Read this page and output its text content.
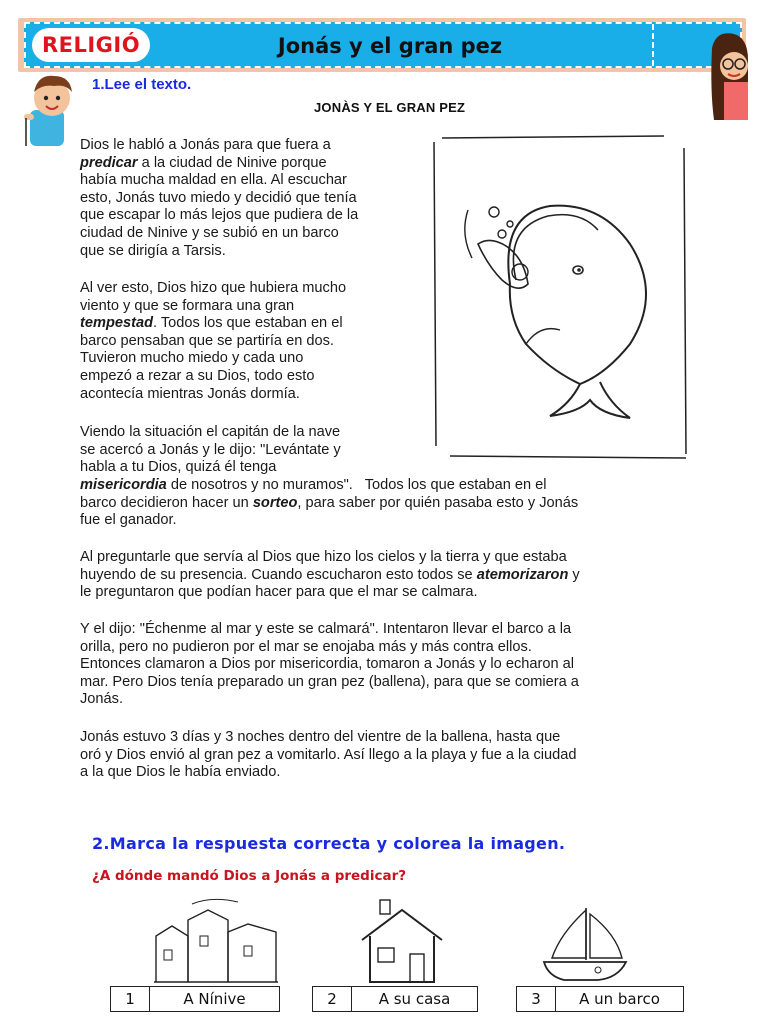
RELIGIÓ	Jonás y el gran pez
1.Lee el texto.
JONÀS Y EL GRAN PEZ
Dios le habló a Jonás para que fuera a
predicar a la ciudad de Ninive porque
había mucha maldad en ella. Al escuchar
esto, Jonás tuvo miedo y decidió que tenía
que escapar lo más lejos que pudiera de la
ciudad de Ninive y se subió en un barco
que se dirigía a Tarsis.
Al ver esto, Dios hizo que hubiera mucho
viento y que se formara una gran
tempestad. Todos los que estaban en el
barco pensaban que se partiría en dos.
Tuvieron mucho miedo y cada uno
empezó a rezar a su Dios, todo esto
acontecía mientras Jonás dormía.
Viendo la situación el capitán de la nave
se acercó a Jonás y le dijo: "Levántate y
habla a tu Dios, quizá él tenga
misericordia de nosotros y no muramos".   Todos los que estaban en el
barco decidieron hacer un sorteo, para saber por quién pasaba esto y Jonás
fue el ganador.
Al preguntarle que servía al Dios que hizo los cielos y la tierra y que estaba
huyendo de su presencia. Cuando escucharon esto todos se atemorizaron y
le preguntaron que podían hacer para que el mar se calmara.
Y el dijo: "Échenme al mar y este se calmará". Intentaron llevar el barco a la
orilla, pero no pudieron por el mar se enojaba más y más contra ellos.
Entonces clamaron a Dios por misericordia, tomaron a Jonás y lo echaron al
mar. Pero Dios tenía preparado un gran pez (ballena), para que se comiera a
Jonás.
Jonás estuvo 3 días y 3 noches dentro del vientre de la ballena, hasta que
oró y Dios envió al gran pez a vomitarlo. Así llego a la playa y fue a la ciudad
a la que Dios le había enviado.
2.Marca la respuesta correcta y colorea la imagen.
¿A dónde mandó Dios a Jonás a predicar?
1	A Nínive	2	A su casa	3	A un barco
